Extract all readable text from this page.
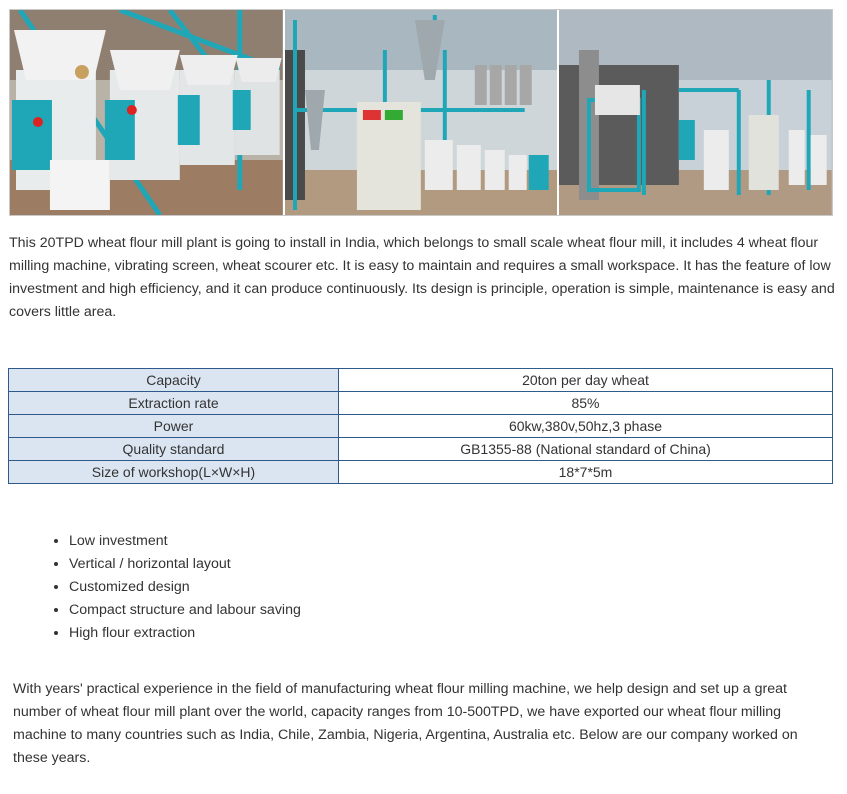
This 20TPD wheat flour mill plant is going to install in India, which belongs to small scale wheat flour mill, it includes 4 wheat flour milling machine, vibrating screen, wheat scourer etc. It is easy to maintain and requires a small workspace. It has the feature of low investment and high efficiency, and it can produce continuously. Its design is principle, operation is simple, maintenance is easy and covers little area.

Capacity	20ton per day wheat
Extraction rate	85%
Power	60kw,380v,50hz,3 phase
Quality standard	GB1355-88 (National standard of China)
Size of workshop(L×W×H)	18*7*5m
• Low investment
• Vertical / horizontal layout
• Customized design
• Compact structure and labour saving
• High flour extraction

With years' practical experience in the field of manufacturing wheat flour milling machine, we help design and set up a great number of wheat flour mill plant over the world, capacity ranges from 10-500TPD, we have exported our wheat flour milling machine to many countries such as India, Chile, Zambia, Nigeria, Argentina, Australia etc. Below are our company worked on these years.
